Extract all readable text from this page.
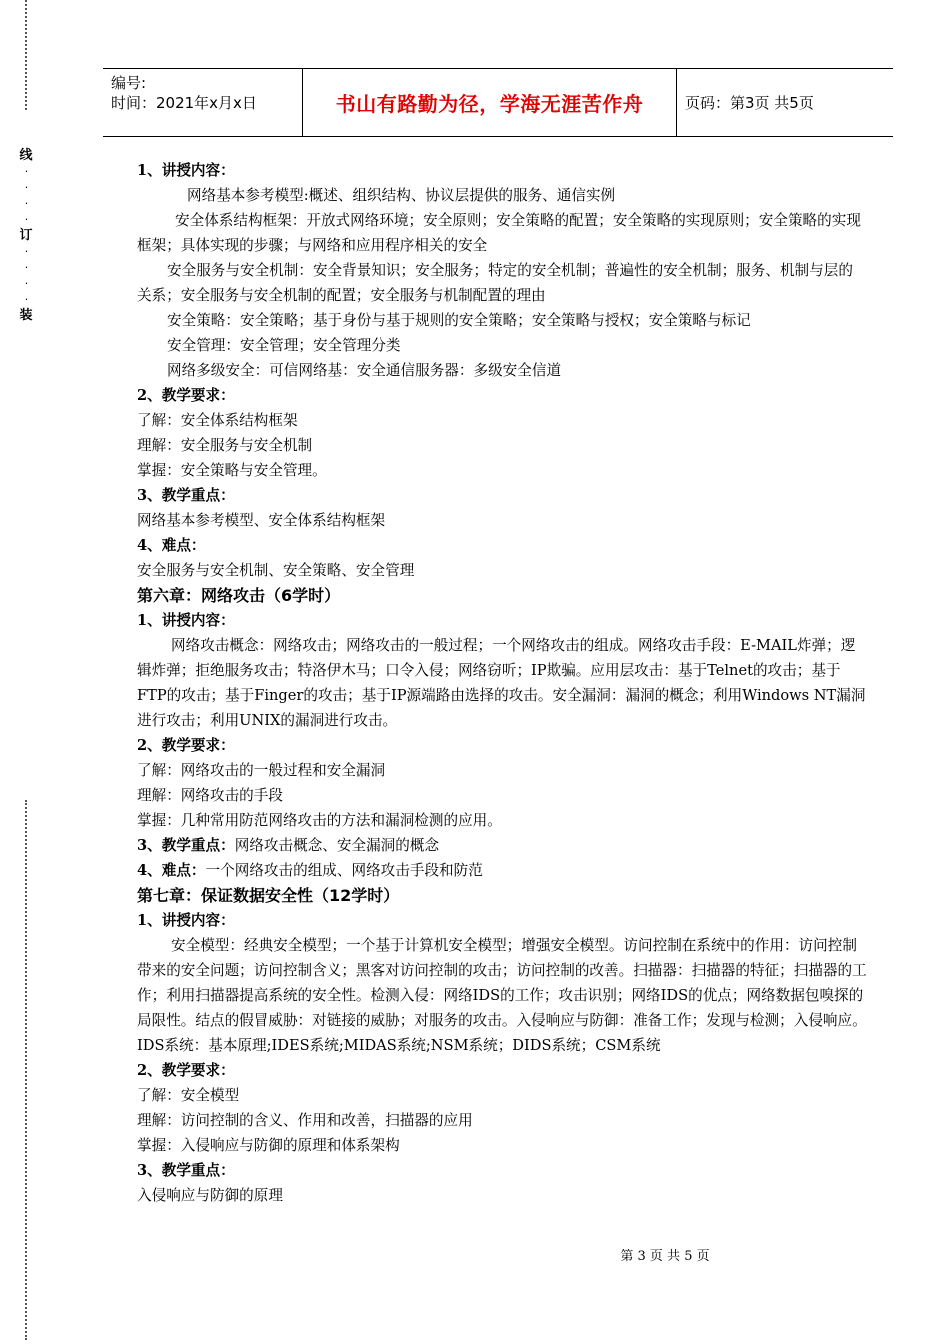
线
·
·
·
·
订
·
·
·
·
装
编号:
时间：2021年x月x日	书山有路勤为径，学海无涯苦作舟	页码：第3页 共5页

1、讲授内容：

网络基本参考模型:概述、组织结构、协议层提供的服务、通信实例

安全体系结构框架：开放式网络环境；安全原则；安全策略的配置；安全策略的实现原则；安全策略的实现框架；具体实现的步骤；与网络和应用程序相关的安全

安全服务与安全机制：安全背景知识；安全服务；特定的安全机制；普遍性的安全机制；服务、机制与层的关系；安全服务与安全机制的配置；安全服务与机制配置的理由

安全策略：安全策略；基于身份与基于规则的安全策略；安全策略与授权；安全策略与标记

安全管理：安全管理；安全管理分类

网络多级安全：可信网络基：安全通信服务器：多级安全信道

2、教学要求：

了解：安全体系结构框架

理解：安全服务与安全机制

掌握：安全策略与安全管理。

3、教学重点：

网络基本参考模型、安全体系结构框架

4、难点：

安全服务与安全机制、安全策略、安全管理

第六章：网络攻击（6学时）

1、讲授内容：

网络攻击概念：网络攻击；网络攻击的一般过程；一个网络攻击的组成。网络攻击手段：E-MAIL炸弹；逻辑炸弹；拒绝服务攻击；特洛伊木马；口令入侵；网络窃听；IP欺骗。应用层攻击：基于Telnet的攻击；基于FTP的攻击；基于Finger的攻击；基于IP源端路由选择的攻击。安全漏洞：漏洞的概念；利用Windows NT漏洞进行攻击；利用UNIX的漏洞进行攻击。

2、教学要求：

了解：网络攻击的一般过程和安全漏洞

理解：网络攻击的手段

掌握：几种常用防范网络攻击的方法和漏洞检测的应用。

3、教学重点：网络攻击概念、安全漏洞的概念

4、难点：一个网络攻击的组成、网络攻击手段和防范

第七章：保证数据安全性（12学时）

1、讲授内容：

安全模型：经典安全模型；一个基于计算机安全模型；增强安全模型。访问控制在系统中的作用：访问控制带来的安全问题；访问控制含义；黑客对访问控制的攻击；访问控制的改善。扫描器：扫描器的特征；扫描器的工作；利用扫描器提高系统的安全性。检测入侵：网络IDS的工作；攻击识别；网络IDS的优点；网络数据包嗅探的局限性。结点的假冒威胁：对链接的威胁；对服务的攻击。入侵响应与防御：准备工作；发现与检测；入侵响应。IDS系统：基本原理;IDES系统;MIDAS系统;NSM系统；DIDS系统；CSM系统

2、教学要求：

了解：安全模型

理解：访问控制的含义、作用和改善，扫描器的应用

掌握：入侵响应与防御的原理和体系架构

3、教学重点：

入侵响应与防御的原理

第 3 页 共 5 页
